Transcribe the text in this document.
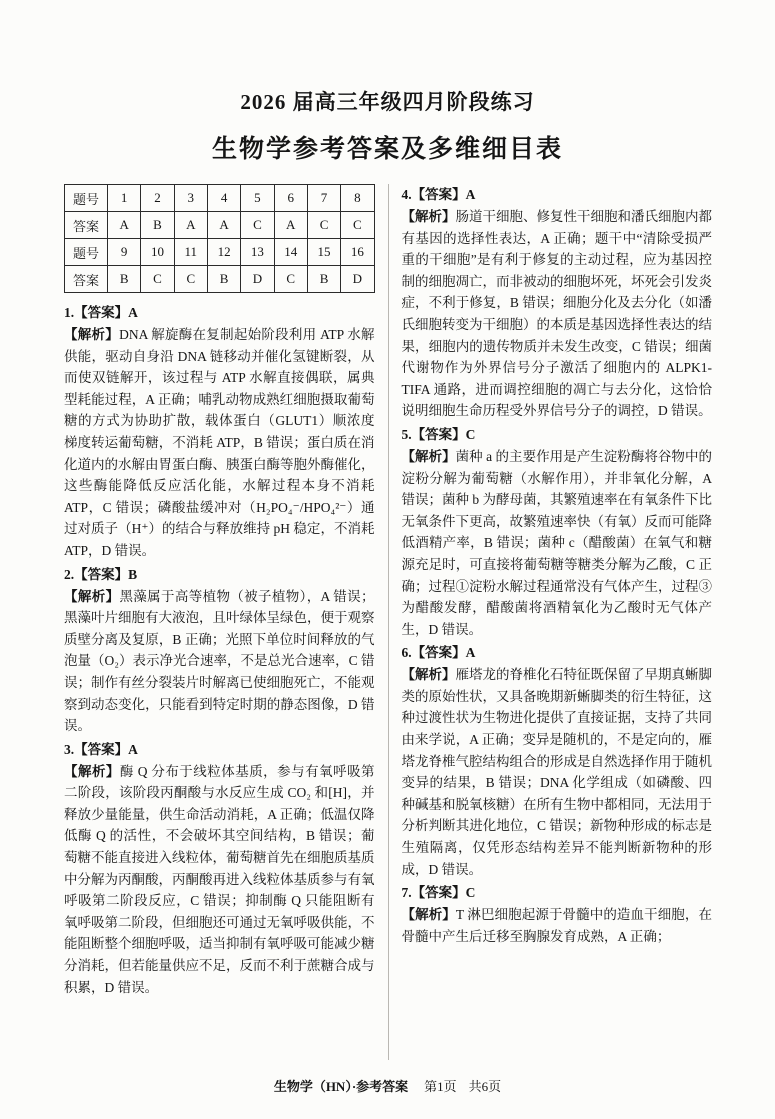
2026 届高三年级四月阶段练习
生物学参考答案及多维细目表
题号	1	2	3	4	5	6	7	8
答案	A	B	A	A	C	A	C	C
题号	9	10	11	12	13	14	15	16
答案	B	C	C	B	D	C	B	D
1.【答案】A

【解析】DNA 解旋酶在复制起始阶段利用 ATP 水解供能，驱动自身沿 DNA 链移动并催化氢键断裂，从而使双链解开，该过程与 ATP 水解直接偶联，属典型耗能过程，A 正确；哺乳动物成熟红细胞摄取葡萄糖的方式为协助扩散，载体蛋白（GLUT1）顺浓度梯度转运葡萄糖，不消耗 ATP，B 错误；蛋白质在消化道内的水解由胃蛋白酶、胰蛋白酶等胞外酶催化，这些酶能降低反应活化能，水解过程本身不消耗 ATP，C 错误；磷酸盐缓冲对（H₂PO₄⁻/HPO₄²⁻）通过对质子（H⁺）的结合与释放维持 pH 稳定，不消耗 ATP，D 错误。

2.【答案】B

【解析】黑藻属于高等植物（被子植物），A 错误；黑藻叶片细胞有大液泡，且叶绿体呈绿色，便于观察质壁分离及复原，B 正确；光照下单位时间释放的气泡量（O₂）表示净光合速率，不是总光合速率，C 错误；制作有丝分裂装片时解离已使细胞死亡，不能观察到动态变化，只能看到特定时期的静态图像，D 错误。

3.【答案】A

【解析】酶 Q 分布于线粒体基质，参与有氧呼吸第二阶段，该阶段丙酮酸与水反应生成 CO₂ 和[H]，并释放少量能量，供生命活动消耗，A 正确；低温仅降低酶 Q 的活性，不会破坏其空间结构，B 错误；葡萄糖不能直接进入线粒体，葡萄糖首先在细胞质基质中分解为丙酮酸，丙酮酸再进入线粒体基质参与有氧呼吸第二阶段反应，C 错误；抑制酶 Q 只能阻断有氧呼吸第二阶段，但细胞还可通过无氧呼吸供能，不能阻断整个细胞呼吸，适当抑制有氧呼吸可能减少糖分消耗，但若能量供应不足，反而不利于蔗糖合成与积累，D 错误。

4.【答案】A

【解析】肠道干细胞、修复性干细胞和潘氏细胞内都有基因的选择性表达，A 正确；题干中“清除受损严重的干细胞”是有利于修复的主动过程，应为基因控制的细胞凋亡，而非被动的细胞坏死，坏死会引发炎症，不利于修复，B 错误；细胞分化及去分化（如潘氏细胞转变为干细胞）的本质是基因选择性表达的结果，细胞内的遗传物质并未发生改变，C 错误；细菌代谢物作为外界信号分子激活了细胞内的 ALPK1-TIFA 通路，进而调控细胞的凋亡与去分化，这恰恰说明细胞生命历程受外界信号分子的调控，D 错误。

5.【答案】C

【解析】菌种 a 的主要作用是产生淀粉酶将谷物中的淀粉分解为葡萄糖（水解作用），并非氧化分解，A 错误；菌种 b 为酵母菌，其繁殖速率在有氧条件下比无氧条件下更高，故繁殖速率快（有氧）反而可能降低酒精产率，B 错误；菌种 c（醋酸菌）在氧气和糖源充足时，可直接将葡萄糖等糖类分解为乙酸，C 正确；过程①淀粉水解过程通常没有气体产生，过程③为醋酸发酵，醋酸菌将酒精氧化为乙酸时无气体产生，D 错误。

6.【答案】A

【解析】雁塔龙的脊椎化石特征既保留了早期真蜥脚类的原始性状，又具备晚期新蜥脚类的衍生特征，这种过渡性状为生物进化提供了直接证据，支持了共同由来学说，A 正确；变异是随机的，不是定向的，雁塔龙脊椎气腔结构组合的形成是自然选择作用于随机变异的结果，B 错误；DNA 化学组成（如磷酸、四种碱基和脱氧核糖）在所有生物中都相同，无法用于分析判断其进化地位，C 错误；新物种形成的标志是生殖隔离，仅凭形态结构差异不能判断新物种的形成，D 错误。

7.【答案】C

【解析】T 淋巴细胞起源于骨髓中的造血干细胞，在骨髓中产生后迁移至胸腺发育成熟，A 正确；

生物学（HN）·参考答案 第1页 共6页
